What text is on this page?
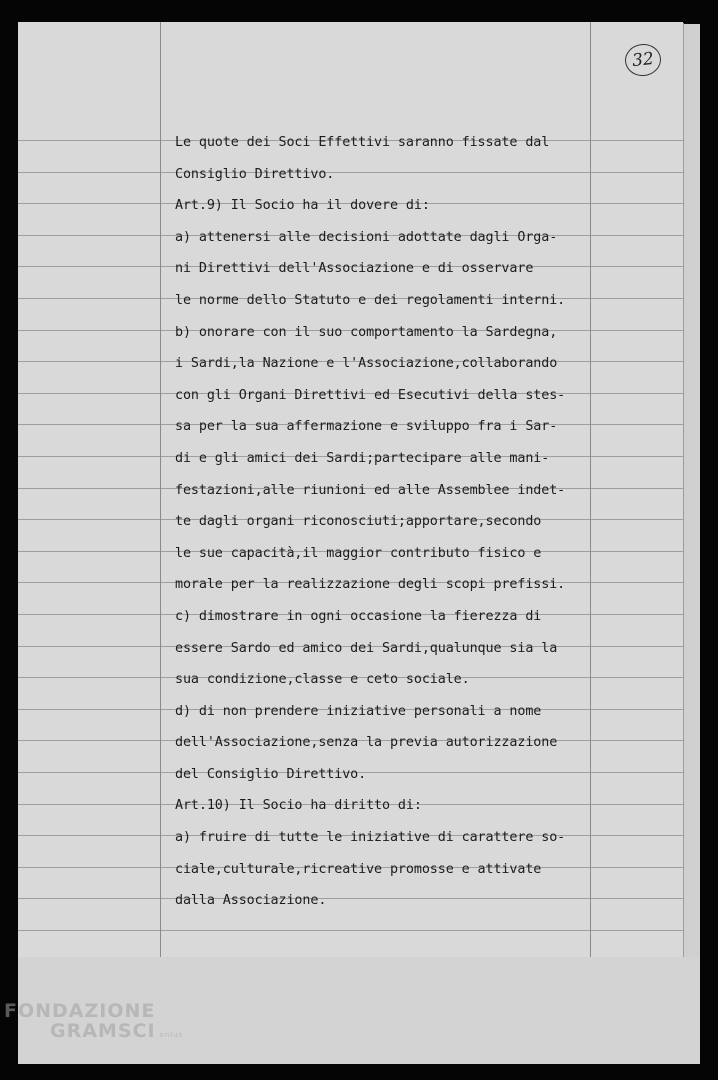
32
Le quote dei Soci Effettivi saranno fissate dal
Consiglio Direttivo.
Art.9) Il Socio ha il dovere di:
a) attenersi alle decisioni adottate dagli Orga-
ni Direttivi dell'Associazione e di osservare
le norme dello Statuto e dei regolamenti interni.
b) onorare con il suo comportamento la Sardegna,
i Sardi,la Nazione e l'Associazione,collaborando
con gli Organi Direttivi ed Esecutivi della stes-
sa per la sua affermazione e sviluppo fra i Sar-
di e gli amici dei Sardi;partecipare alle mani-
festazioni,alle riunioni ed alle Assemblee indet-
te dagli organi riconosciuti;apportare,secondo
le sue capacità,il maggior contributo fisico e
morale per la realizzazione degli scopi prefissi.
c) dimostrare in ogni occasione la fierezza di
essere Sardo ed amico dei Sardi,qualunque sia la
sua condizione,classe e ceto sociale.
d) di non prendere iniziative personali a nome
dell'Associazione,senza la previa autorizzazione
del Consiglio Direttivo.
Art.10) Il Socio ha diritto di:
a) fruire di tutte le iniziative di carattere so-
ciale,culturale,ricreative promosse e attivate
dalla Associazione.
FONDAZIONE
GRAMSCI onlus
